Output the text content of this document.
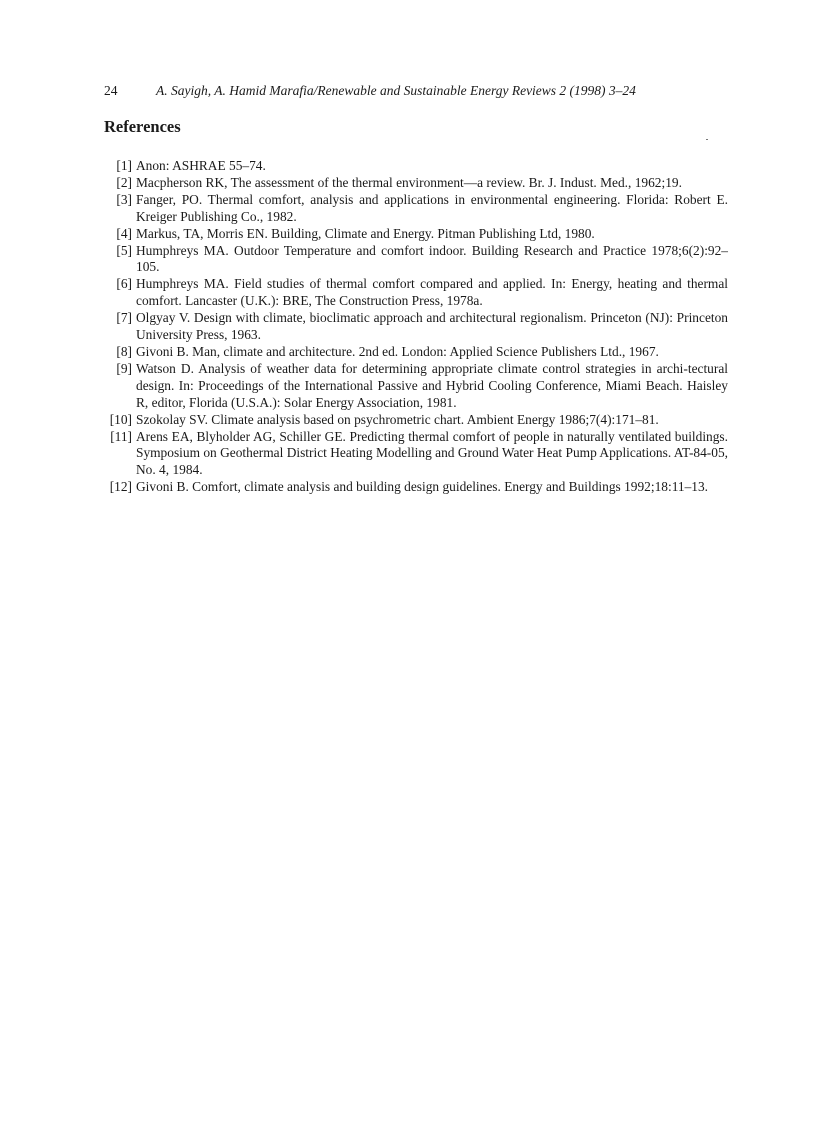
24	A. Sayigh, A. Hamid Marafia/Renewable and Sustainable Energy Reviews 2 (1998) 3–24
References
[1] Anon: ASHRAE 55–74.
[2] Macpherson RK, The assessment of the thermal environment—a review. Br. J. Indust. Med., 1962;19.
[3] Fanger, PO. Thermal comfort, analysis and applications in environmental engineering. Florida: Robert E. Kreiger Publishing Co., 1982.
[4] Markus, TA, Morris EN. Building, Climate and Energy. Pitman Publishing Ltd, 1980.
[5] Humphreys MA. Outdoor Temperature and comfort indoor. Building Research and Practice 1978;6(2):92–105.
[6] Humphreys MA. Field studies of thermal comfort compared and applied. In: Energy, heating and thermal comfort. Lancaster (U.K.): BRE, The Construction Press, 1978a.
[7] Olgyay V. Design with climate, bioclimatic approach and architectural regionalism. Princeton (NJ): Princeton University Press, 1963.
[8] Givoni B. Man, climate and architecture. 2nd ed. London: Applied Science Publishers Ltd., 1967.
[9] Watson D. Analysis of weather data for determining appropriate climate control strategies in archi-tectural design. In: Proceedings of the International Passive and Hybrid Cooling Conference, Miami Beach. Haisley R, editor, Florida (U.S.A.): Solar Energy Association, 1981.
[10] Szokolay SV. Climate analysis based on psychrometric chart. Ambient Energy 1986;7(4):171–81.
[11] Arens EA, Blyholder AG, Schiller GE. Predicting thermal comfort of people in naturally ventilated buildings. Symposium on Geothermal District Heating Modelling and Ground Water Heat Pump Applications. AT-84-05, No. 4, 1984.
[12] Givoni B. Comfort, climate analysis and building design guidelines. Energy and Buildings 1992;18:11–13.
